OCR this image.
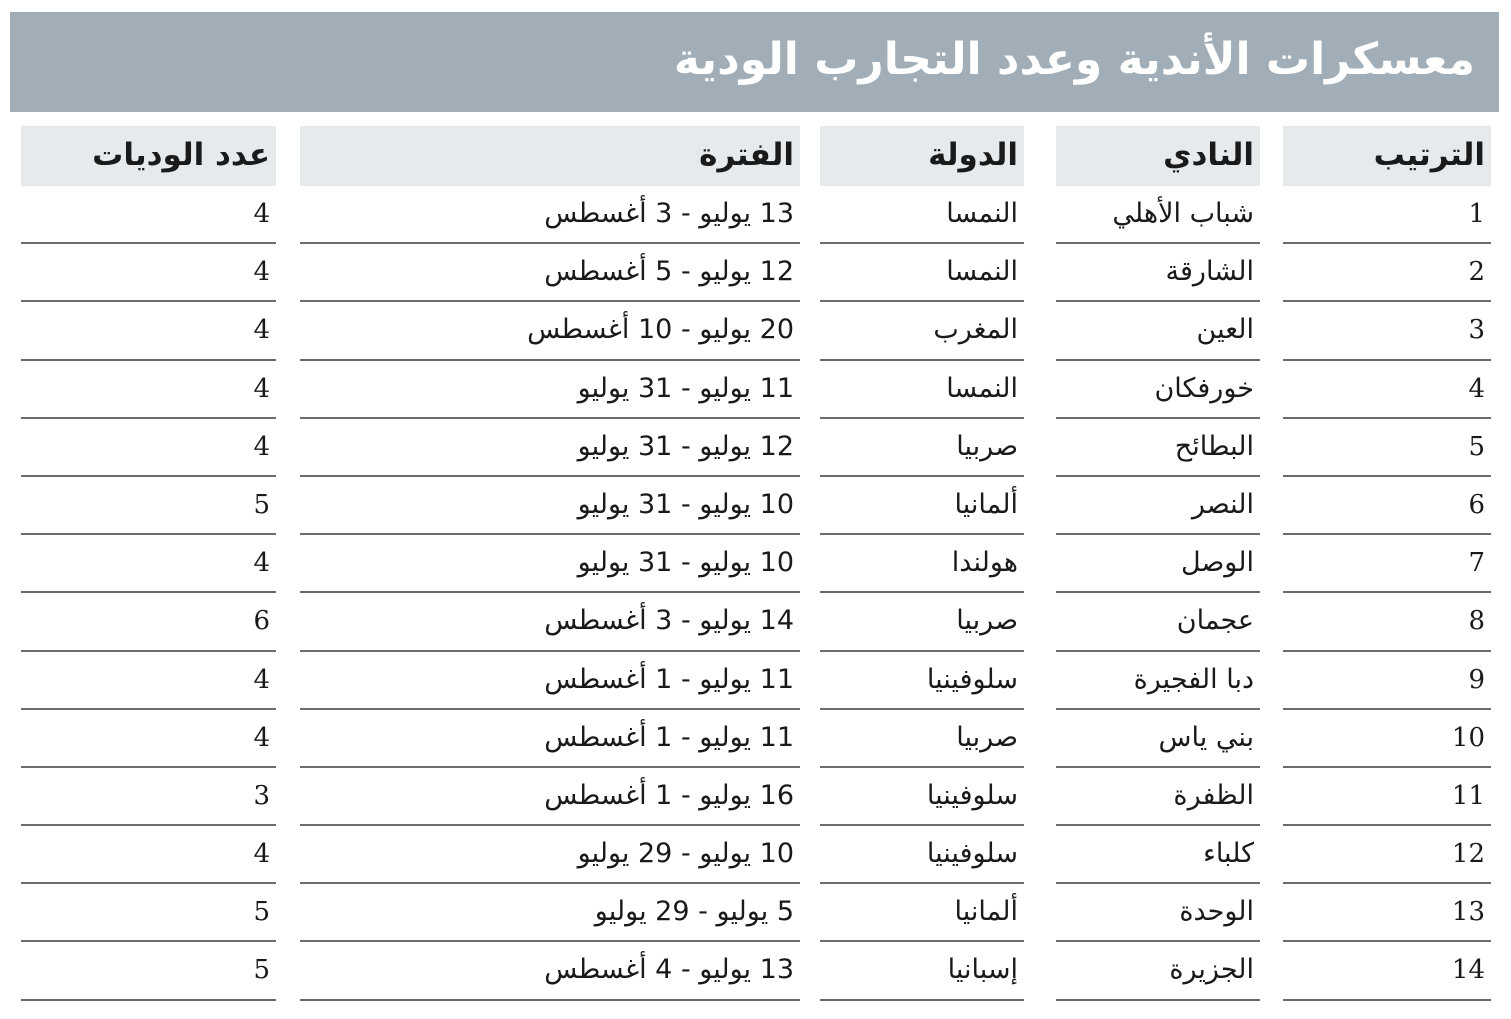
معسكرات الأندية وعدد التجارب الودية
الترتيب
1
2
3
4
5
6
7
8
9
10
11
12
13
14
النادي
شباب الأهلي
الشارقة
العين
خورفكان
البطائح
النصر
الوصل
عجمان
دبا الفجيرة
بني ياس
الظفرة
كلباء
الوحدة
الجزيرة
الدولة
النمسا
النمسا
المغرب
النمسا
صربيا
ألمانيا
هولندا
صربيا
سلوفينيا
صربيا
سلوفينيا
سلوفينيا
ألمانيا
إسبانيا
الفترة
13 يوليو - 3 أغسطس
12 يوليو - 5 أغسطس
20 يوليو - 10 أغسطس
11 يوليو - 31 يوليو
12 يوليو - 31 يوليو
10 يوليو - 31 يوليو
10 يوليو - 31 يوليو
14 يوليو - 3 أغسطس
11 يوليو - 1 أغسطس
11 يوليو - 1 أغسطس
16 يوليو - 1 أغسطس
10 يوليو - 29 يوليو
5 يوليو - 29 يوليو
13 يوليو - 4 أغسطس
عدد الوديات
4
4
4
4
4
5
4
6
4
4
3
4
5
5
